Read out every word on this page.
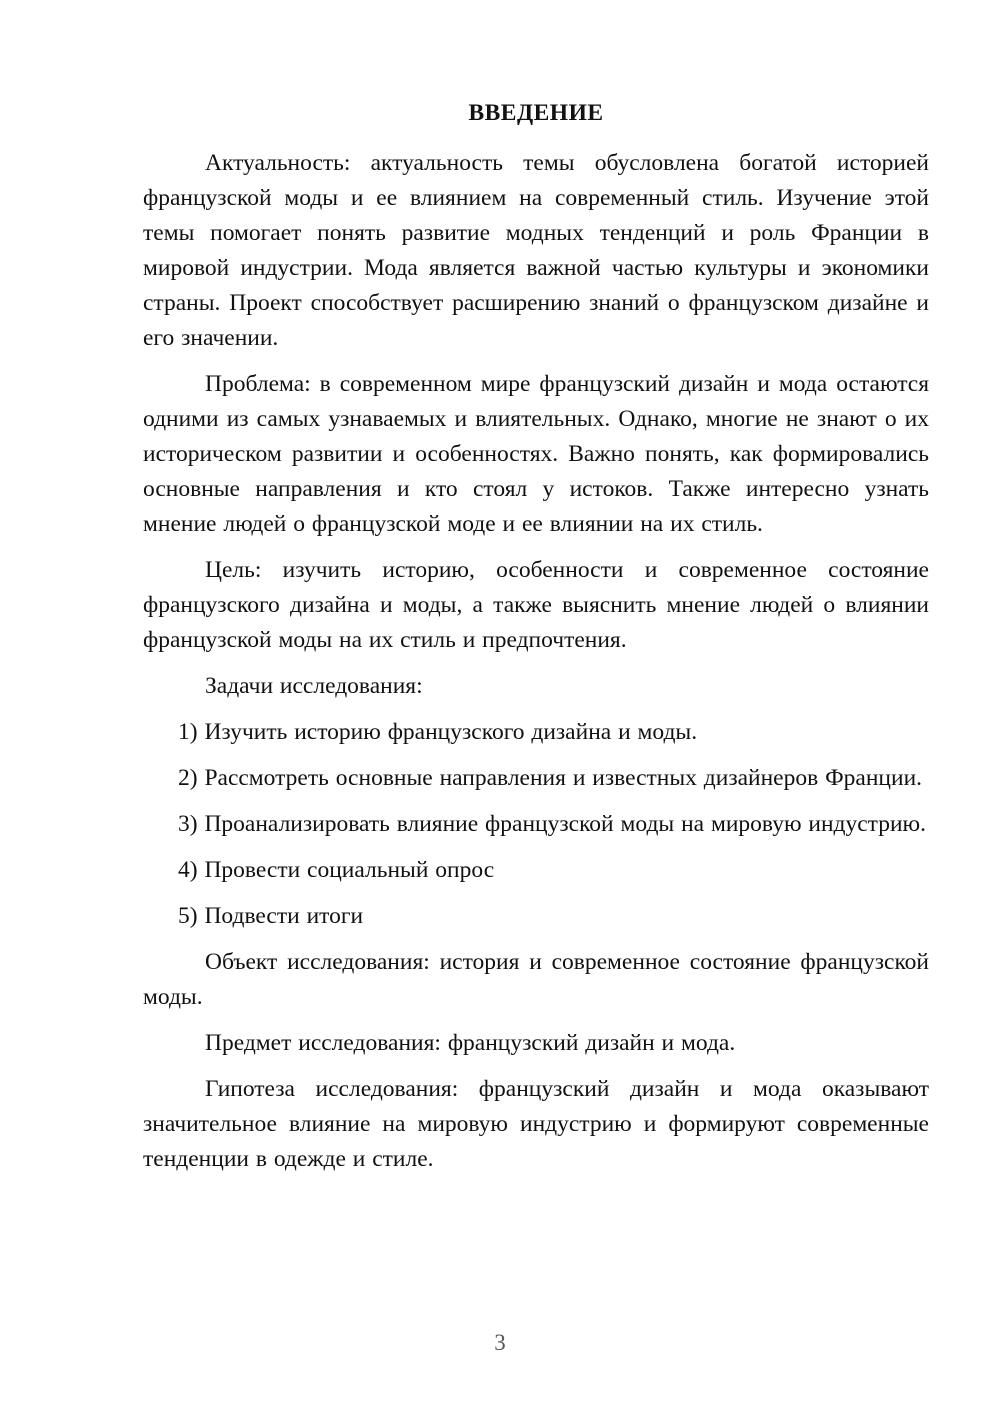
ВВЕДЕНИЕ

Актуальность: актуальность темы обусловлена богатой историей французской моды и ее влиянием на современный стиль. Изучение этой темы помогает понять развитие модных тенденций и роль Франции в мировой индустрии. Мода является важной частью культуры и экономики страны. Проект способствует расширению знаний о французском дизайне и его значении.

Проблема: в современном мире французский дизайн и мода остаются одними из самых узнаваемых и влиятельных. Однако, многие не знают о их историческом развитии и особенностях. Важно понять, как формировались основные направления и кто стоял у истоков. Также интересно узнать мнение людей о французской моде и ее влиянии на их стиль.

Цель: изучить историю, особенности и современное состояние французского дизайна и моды, а также выяснить мнение людей о влиянии французской моды на их стиль и предпочтения.

Задачи исследования:

1) Изучить историю французского дизайна и моды.

2) Рассмотреть основные направления и известных дизайнеров Франции.

3) Проанализировать влияние французской моды на мировую индустрию.

4) Провести социальный опрос

5) Подвести итоги

Объект исследования: история и современное состояние французской моды.

Предмет исследования: французский дизайн и мода.

Гипотеза исследования: французский дизайн и мода оказывают значительное влияние на мировую индустрию и формируют современные тенденции в одежде и стиле.

3
